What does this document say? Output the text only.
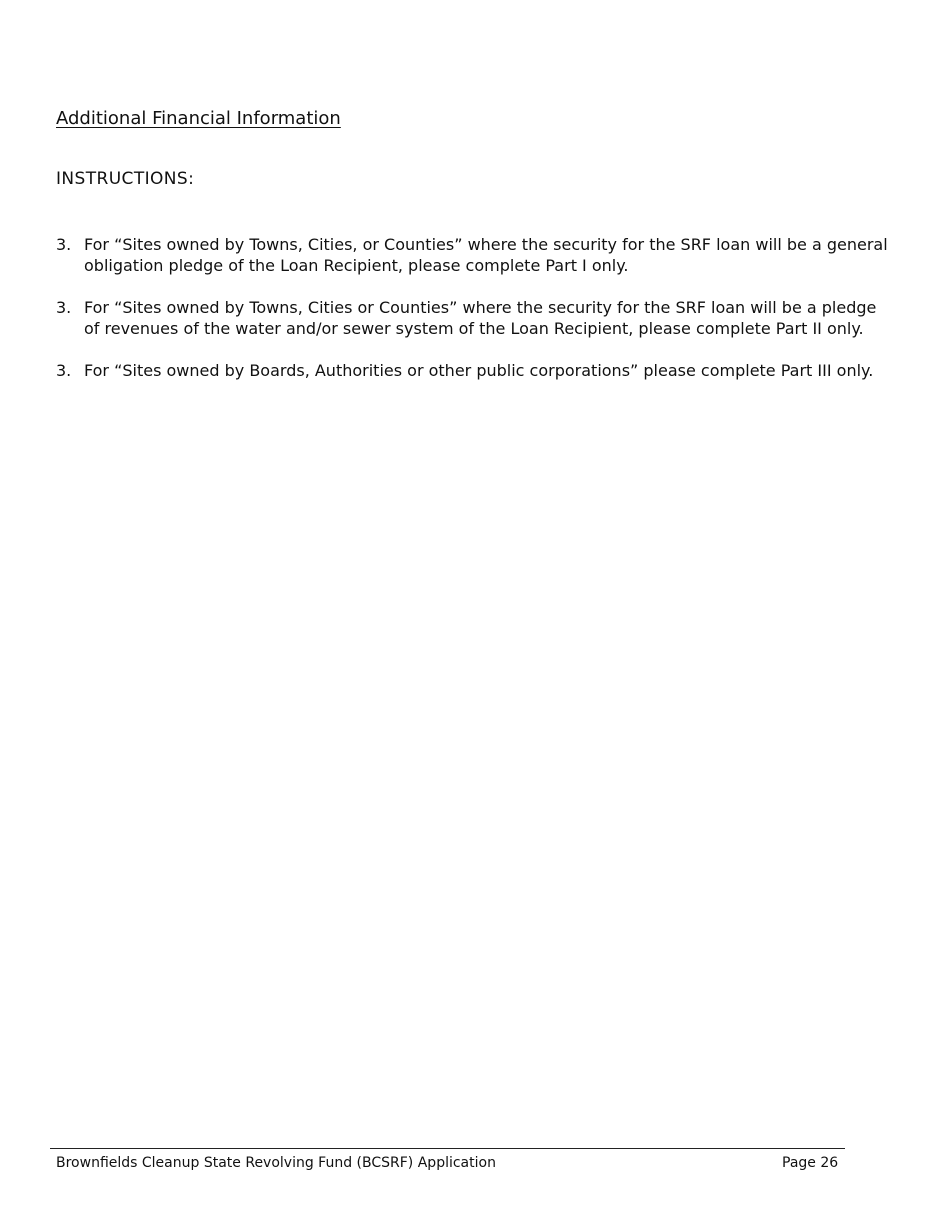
Additional Financial Information
INSTRUCTIONS:
3. For “Sites owned by Towns, Cities, or Counties” where the security for the SRF loan will be a general obligation pledge of the Loan Recipient, please complete Part I only.
3. For “Sites owned by Towns, Cities or Counties” where the security for the SRF loan will be a pledge of revenues of the water and/or sewer system of the Loan Recipient, please complete Part II only.
3. For “Sites owned by Boards, Authorities or other public corporations” please complete Part III only.
Brownfields Cleanup State Revolving Fund (BCSRF) Application	Page 26
